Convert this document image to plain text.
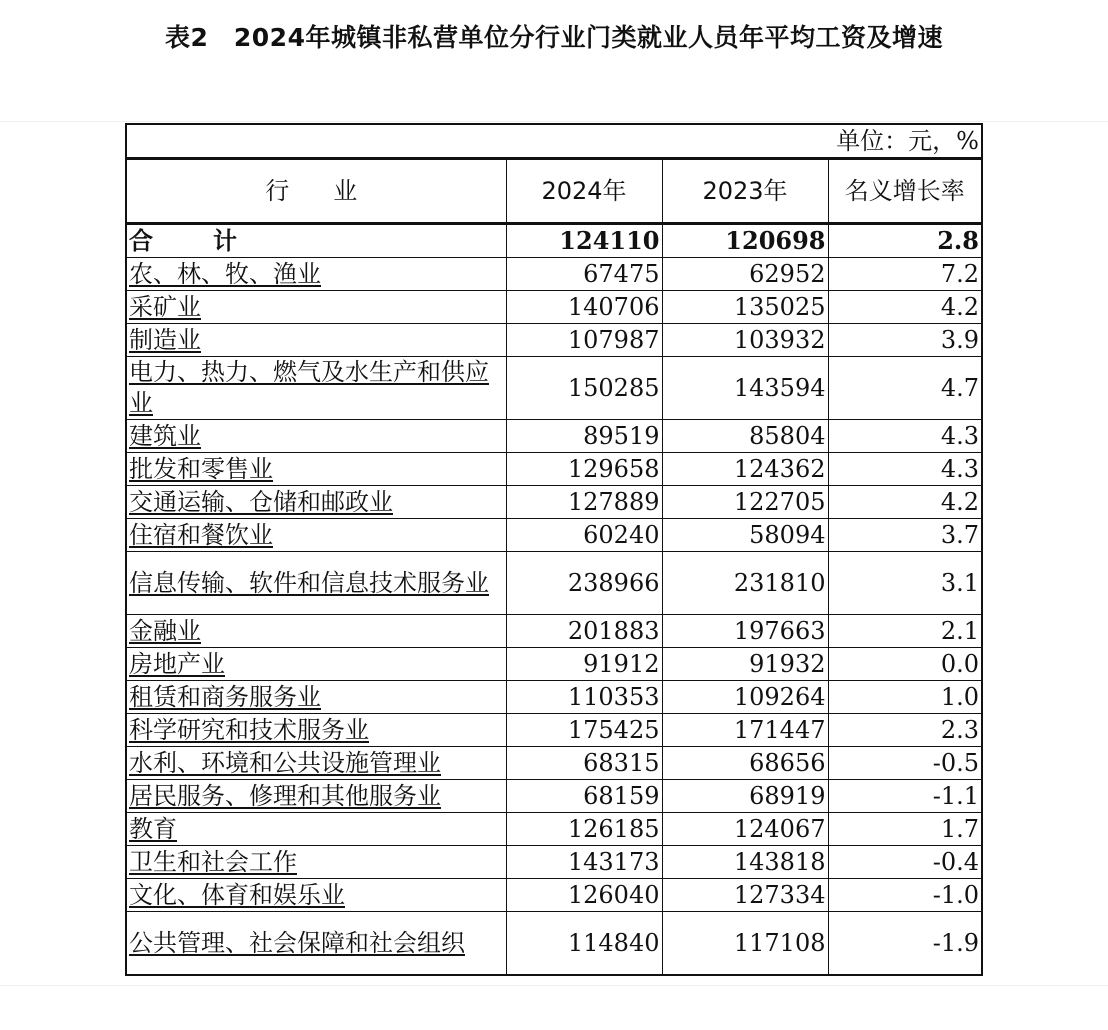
表2　2024年城镇非私营单位分行业门类就业人员年平均工资及增速
单位：元，%			
行　业	2024年	2023年	名义增长率
合　计	124110	120698	2.8
农、林、牧、渔业	67475	62952	7.2
采矿业	140706	135025	4.2
制造业	107987	103932	3.9
电力、热力、燃气及水生产和供应业	150285	143594	4.7
建筑业	89519	85804	4.3
批发和零售业	129658	124362	4.3
交通运输、仓储和邮政业	127889	122705	4.2
住宿和餐饮业	60240	58094	3.7
信息传输、软件和信息技术服务业	238966	231810	3.1
金融业	201883	197663	2.1
房地产业	91912	91932	0.0
租赁和商务服务业	110353	109264	1.0
科学研究和技术服务业	175425	171447	2.3
水利、环境和公共设施管理业	68315	68656	-0.5
居民服务、修理和其他服务业	68159	68919	-1.1
教育	126185	124067	1.7
卫生和社会工作	143173	143818	-0.4
文化、体育和娱乐业	126040	127334	-1.0
公共管理、社会保障和社会组织	114840	117108	-1.9
